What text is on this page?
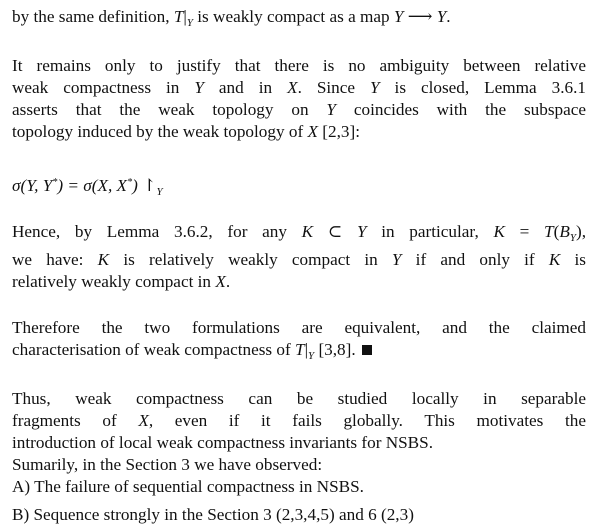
by the same definition, $T|_Y$ is weakly compact as a map Y ⟶ Y.

It remains only to justify that there is no ambiguity between relative
weak compactness in Y and in X. Since Y is closed, Lemma 3.6.1
asserts that the weak topology on Y coincides with the subspace
topology induced by the weak topology of X [2,3]:

σ(Y, Y*) = σ(X, X*) $↾_Y$

Hence, by Lemma 3.6.2, for any K ⊂ Y in particular, $K = T(B_Y)$,
we have: K is relatively weakly compact in Y if and only if K is
relatively weakly compact in X.

Therefore the two formulations are equivalent, and the claimed
characterisation of weak compactness of $T|_Y$ [3,8].

Thus, weak compactness can be studied locally in separable
fragments of X, even if it fails globally. This motivates the
introduction of local weak compactness invariants for NSBS.
Sumarily, in the Section 3 we have observed:
A) The failure of sequential compactness in NSBS.

B) Sequence strongly in the Section 3 (2,3,4,5) and 6 (2,3)
